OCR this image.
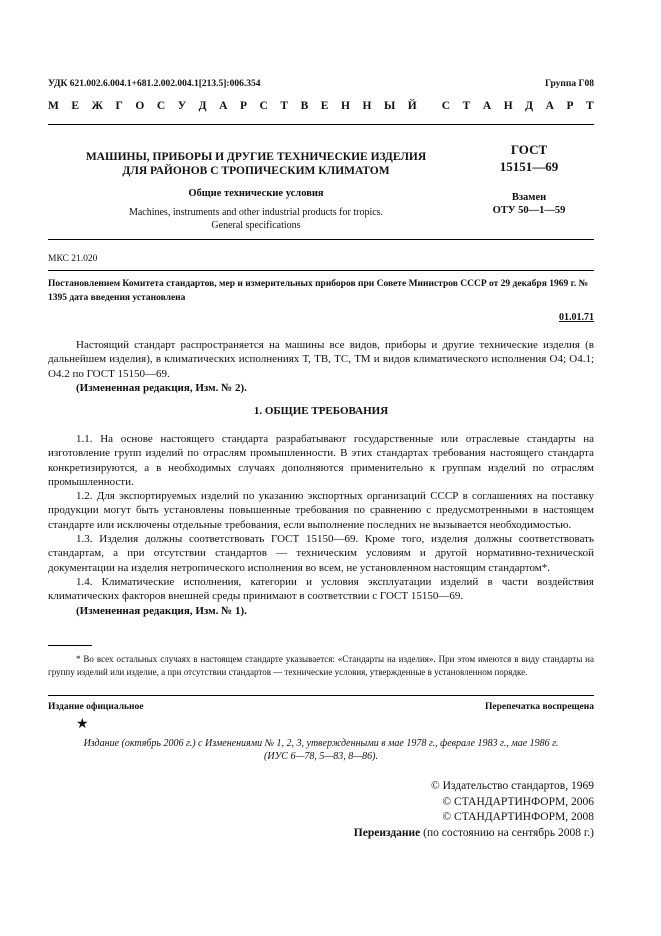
УДК 621.002.6.004.1+681.2.002.004.1[213.5]:006.354	Группа Г08
М Е Ж Г О С У Д А Р С Т В Е Н Н Ы Й С Т А Н Д А Р Т
МАШИНЫ, ПРИБОРЫ И ДРУГИЕ ТЕХНИЧЕСКИЕ ИЗДЕЛИЯ
ДЛЯ РАЙОНОВ С ТРОПИЧЕСКИМ КЛИМАТОМ
Общие технические условия
Machines, instruments and other industrial products for tropics.
General specifications
ГОСТ
15151—69
Взамен
ОТУ 50—1—59
МКС 21.020
Постановлением Комитета стандартов, мер и измерительных приборов при Совете Министров СССР от 29 декабря 1969 г. № 1395 дата введения установлена
01.01.71

Настоящий стандарт распространяется на машины все видов, приборы и другие технические изделия (в дальнейшем изделия), в климатических исполнениях Т, ТВ, ТС, ТМ и видов климатического исполнения О4; О4.1; О4.2 по ГОСТ 15150—69.

(Измененная редакция, Изм. № 2).

1. ОБЩИЕ ТРЕБОВАНИЯ

1.1. На основе настоящего стандарта разрабатывают государственные или отраслевые стандарты на изготовление групп изделий по отраслям промышленности. В этих стандартах требования настоящего стандарта конкретизируются, а в необходимых случаях дополняются применительно к группам изделий по отраслям промышленности.

1.2. Для экспортируемых изделий по указанию экспортных организаций СССР в соглашениях на поставку продукции могут быть установлены повышенные требования по сравнению с предусмотренными в настоящем стандарте или исключены отдельные требования, если выполнение последних не вызывается необходимостью.

1.3. Изделия должны соответствовать ГОСТ 15150—69. Кроме того, изделия должны соответствовать стандартам, а при отсутствии стандартов — техническим условиям и другой нормативно-технической документации на изделия нетропического исполнения во всем, не установленном настоящим стандартом*.

1.4. Климатические исполнения, категории и условия эксплуатации изделий в части воздействия климатических факторов внешней среды принимают в соответствии с ГОСТ 15150—69.

(Измененная редакция, Изм. № 1).

* Во всех остальных случаях в настоящем стандарте указывается: «Стандарты на изделия». При этом имеются в виду стандарты на группу изделий или изделие, а при отсутствии стандартов — технические условия, утвержденные в установленном порядке.

Издание официальное	Перепечатка воспрещена
★
Издание (октябрь 2006 г.) с Изменениями № 1, 2, 3, утвержденными в мае 1978 г., феврале 1983 г., мае 1986 г.
(ИУС 6—78, 5—83, 8—86).
© Издательство стандартов, 1969
© СТАНДАРТИНФОРМ, 2006
© СТАНДАРТИНФОРМ, 2008
Переиздание (по состоянию на сентябрь 2008 г.)
